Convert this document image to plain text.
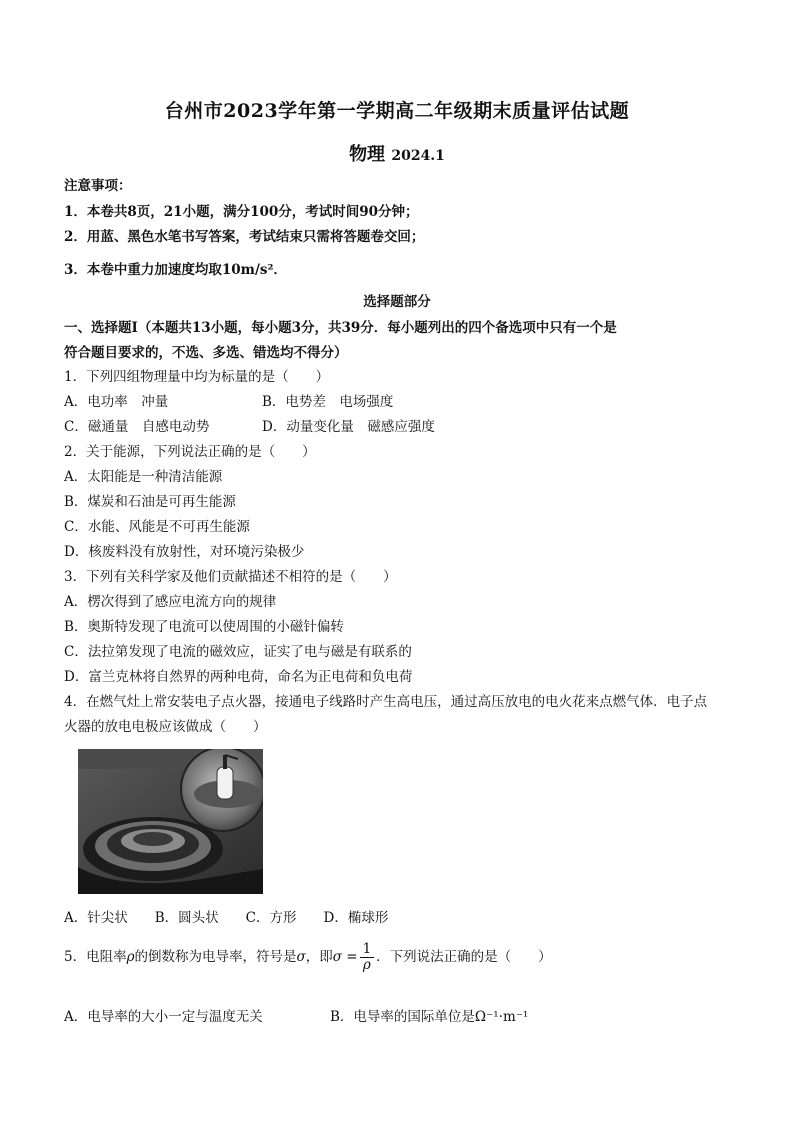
台州市2023学年第一学期高二年级期末质量评估试题
物理 2024.1
注意事项：
1．本卷共8页，21小题，满分100分，考试时间90分钟；
2．用蓝、黑色水笔书写答案，考试结束只需将答题卷交回；
3．本卷中重力加速度均取10m/s²．
选择题部分
一、选择题Ⅰ（本题共13小题，每小题3分，共39分．每小题列出的四个备选项中只有一个是
符合题目要求的，不选、多选、错选均不得分）
1．下列四组物理量中均为标量的是（　　）
A．电功率　冲量	B．电势差　电场强度
C．磁通量　自感电动势	D．动量变化量　磁感应强度
2．关于能源，下列说法正确的是（　　）
A．太阳能是一种清洁能源
B．煤炭和石油是可再生能源
C．水能、风能是不可再生能源
D．核废料没有放射性，对环境污染极少
3．下列有关科学家及他们贡献描述不相符的是（　　）
A．楞次得到了感应电流方向的规律
B．奥斯特发现了电流可以使周围的小磁针偏转
C．法拉第发现了电流的磁效应，证实了电与磁是有联系的
D．富兰克林将自然界的两种电荷，命名为正电荷和负电荷
4．在燃气灶上常安装电子点火器，接通电子线路时产生高电压，通过高压放电的电火花来点燃气体．电子点
火器的放电电极应该做成（　　）
A．针尖状　　B．圆头状　　C．方形　　D．椭球形
5．电阻率ρ的倒数称为电导率，符号是σ，即$\sigma = \frac{1}{\rho}$ ．下列说法正确的是（　　）
A．电导率的大小一定与温度无关	B．电导率的国际单位是Ω⁻¹·m⁻¹
